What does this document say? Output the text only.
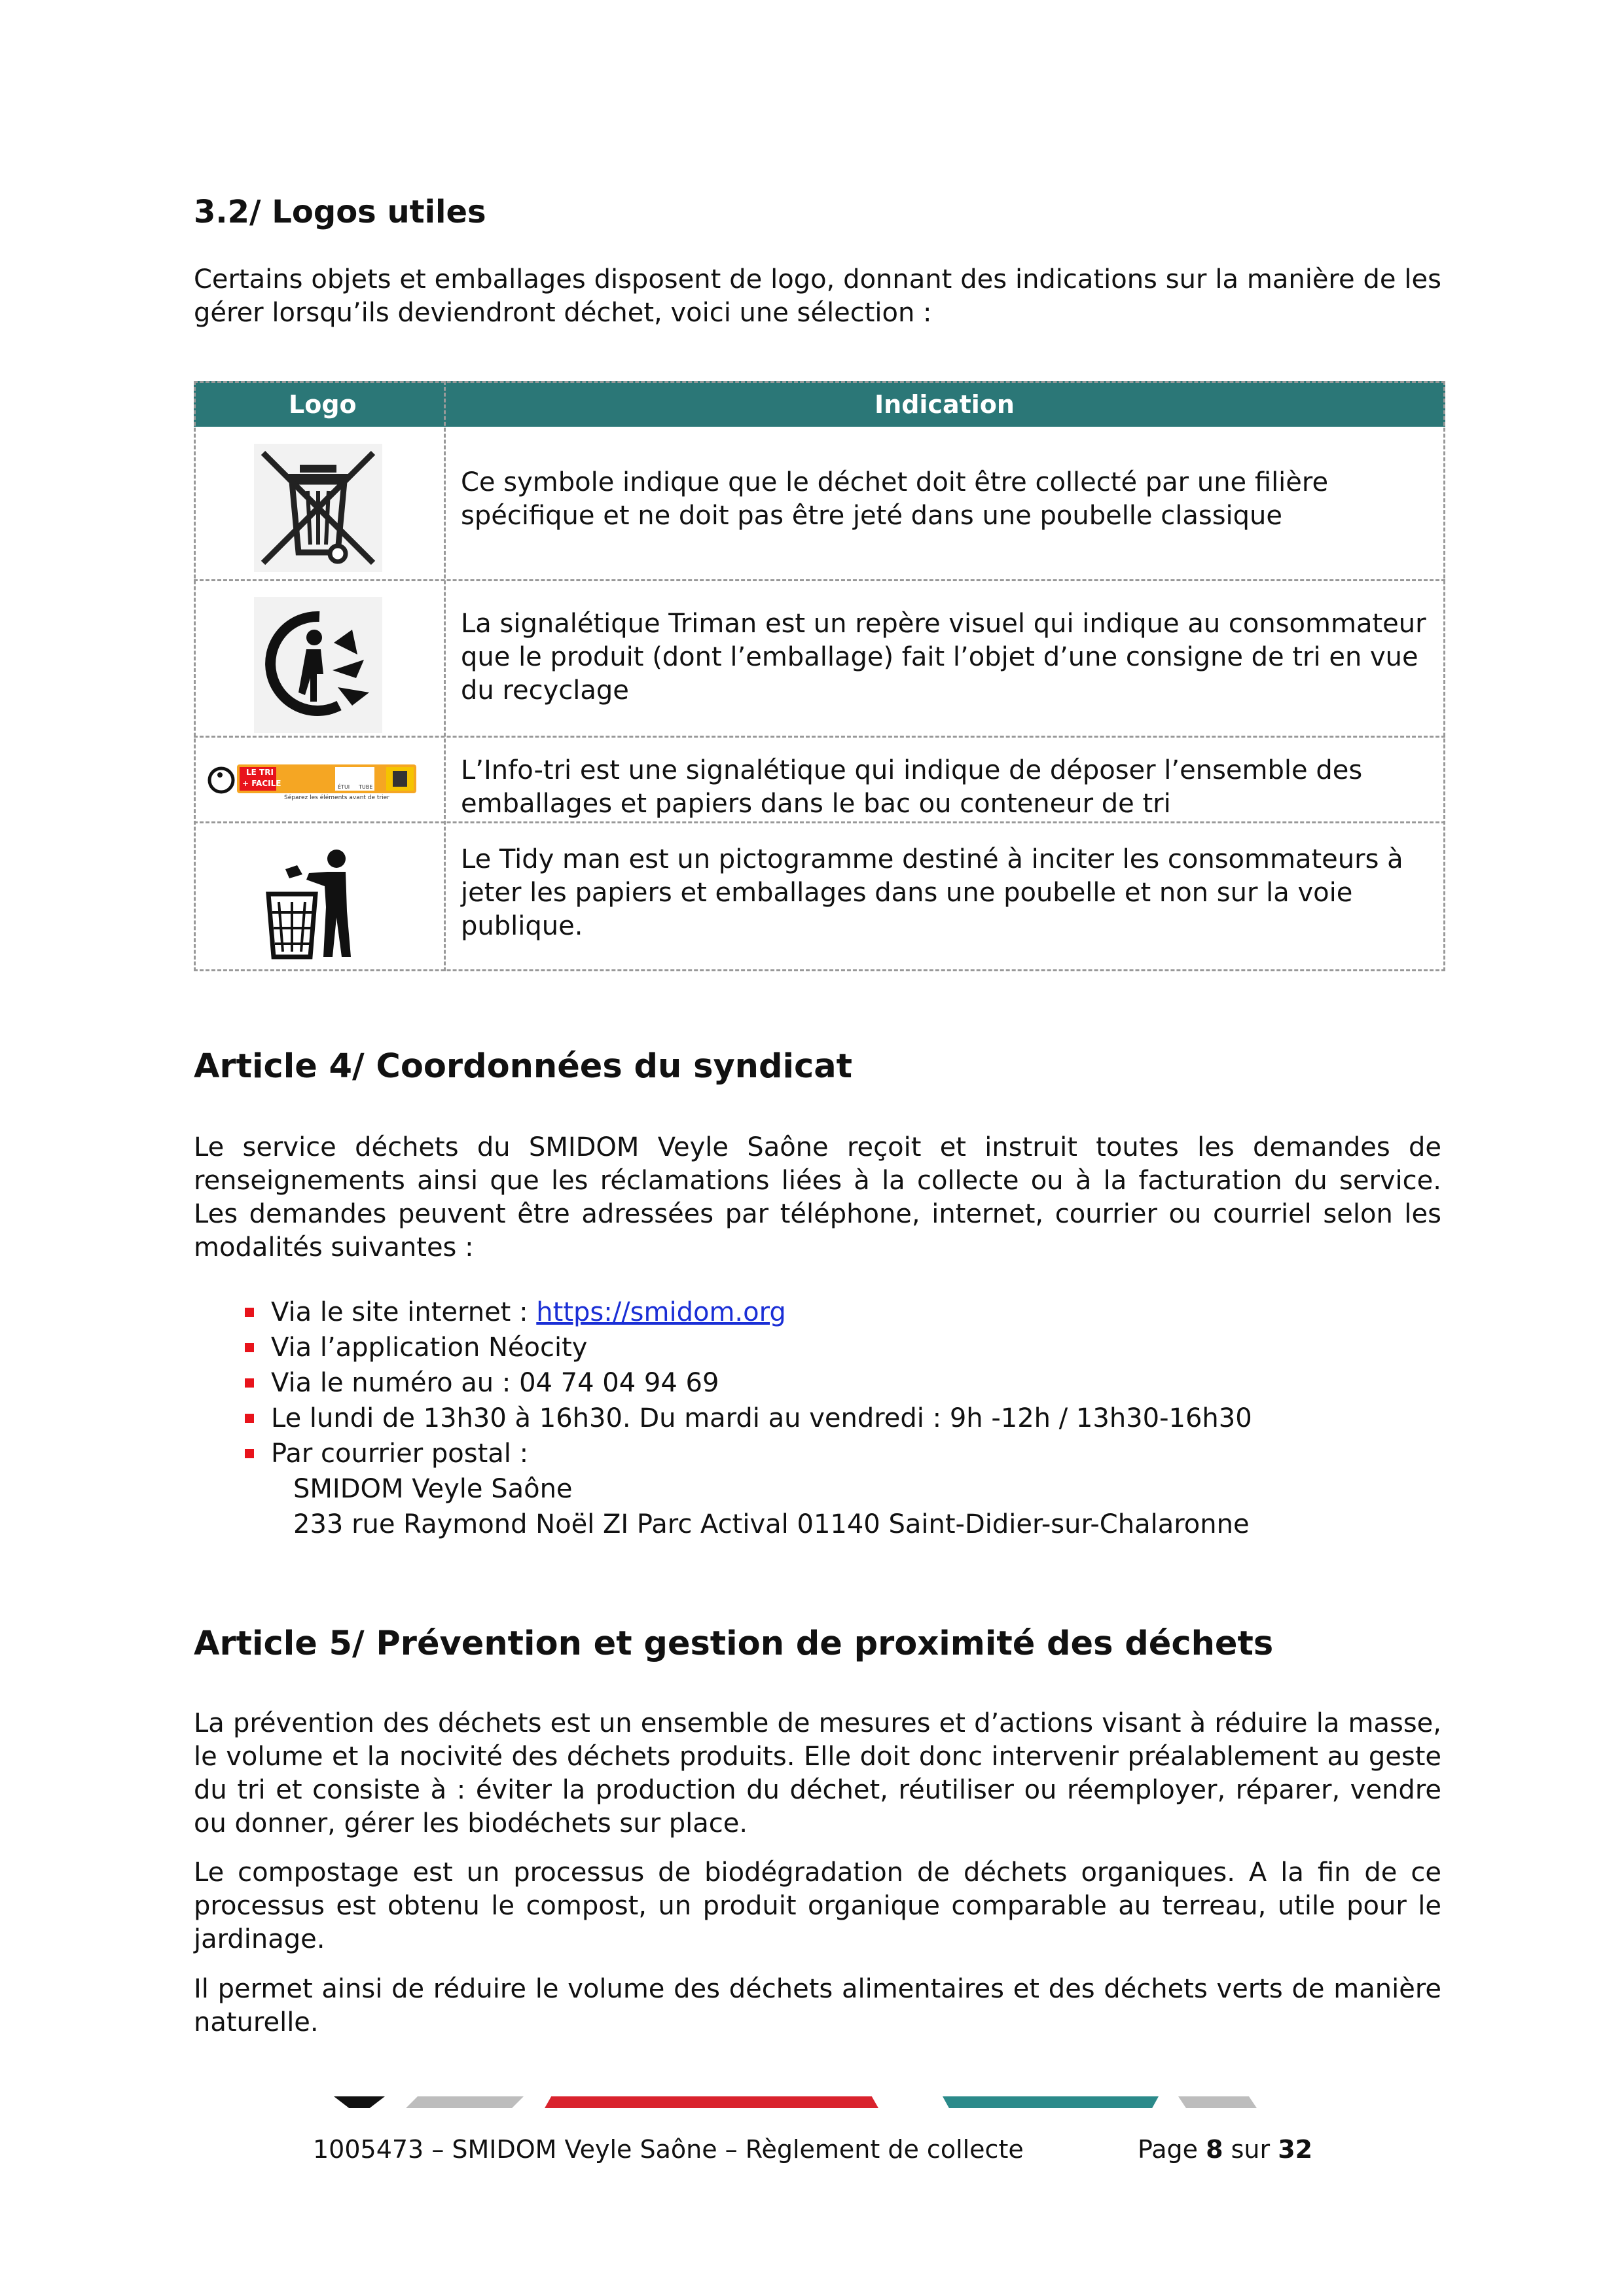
3.2/ Logos utiles

Certains objets et emballages disposent de logo, donnant des indications sur la manière de les gérer lorsqu’ils deviendront déchet, voici une sélection :

Logo	Indication
Ce symbole indique que le déchet doit être collecté par une filière spécifique et ne doit pas être jeté dans une poubelle classique
La signalétique Triman est un repère visuel qui indique au consommateur que le produit (dont l’emballage) fait l’objet d’une consigne de tri en vue du recyclage
LE TRI
+ FACILE	ÉTUI TUBE
Séparez les éléments avant de trier
L’Info-tri est une signalétique qui indique de déposer l’ensemble des emballages et papiers dans le bac ou conteneur de tri
Le Tidy man est un pictogramme destiné à inciter les consommateurs à jeter les papiers et emballages dans une poubelle et non sur la voie publique.
Article 4/ Coordonnées du syndicat

Le service déchets du SMIDOM Veyle Saône reçoit et instruit toutes les demandes de renseignements ainsi que les réclamations liées à la collecte ou à la facturation du service. Les demandes peuvent être adressées par téléphone, internet, courrier ou courriel selon les modalités suivantes :

Via le site internet : https://smidom.org
Via l’application Néocity
Via le numéro au : 04 74 04 94 69
Le lundi de 13h30 à 16h30. Du mardi au vendredi : 9h -12h / 13h30-16h30
Par courrier postal :
SMIDOM Veyle Saône
233 rue Raymond Noël ZI Parc Actival 01140 Saint-Didier-sur-Chalaronne
Article 5/ Prévention et gestion de proximité des déchets

La prévention des déchets est un ensemble de mesures et d’actions visant à réduire la masse, le volume et la nocivité des déchets produits. Elle doit donc intervenir préalablement au geste du tri et consiste à : éviter la production du déchet, réutiliser ou réemployer, réparer, vendre ou donner, gérer les biodéchets sur place.

Le compostage est un processus de biodégradation de déchets organiques. A la fin de ce processus est obtenu le compost, un produit organique comparable au terreau, utile pour le jardinage.

Il permet ainsi de réduire le volume des déchets alimentaires et des déchets verts de manière naturelle.

1005473 – SMIDOM Veyle Saône – Règlement de collecte	Page 8 sur 32
